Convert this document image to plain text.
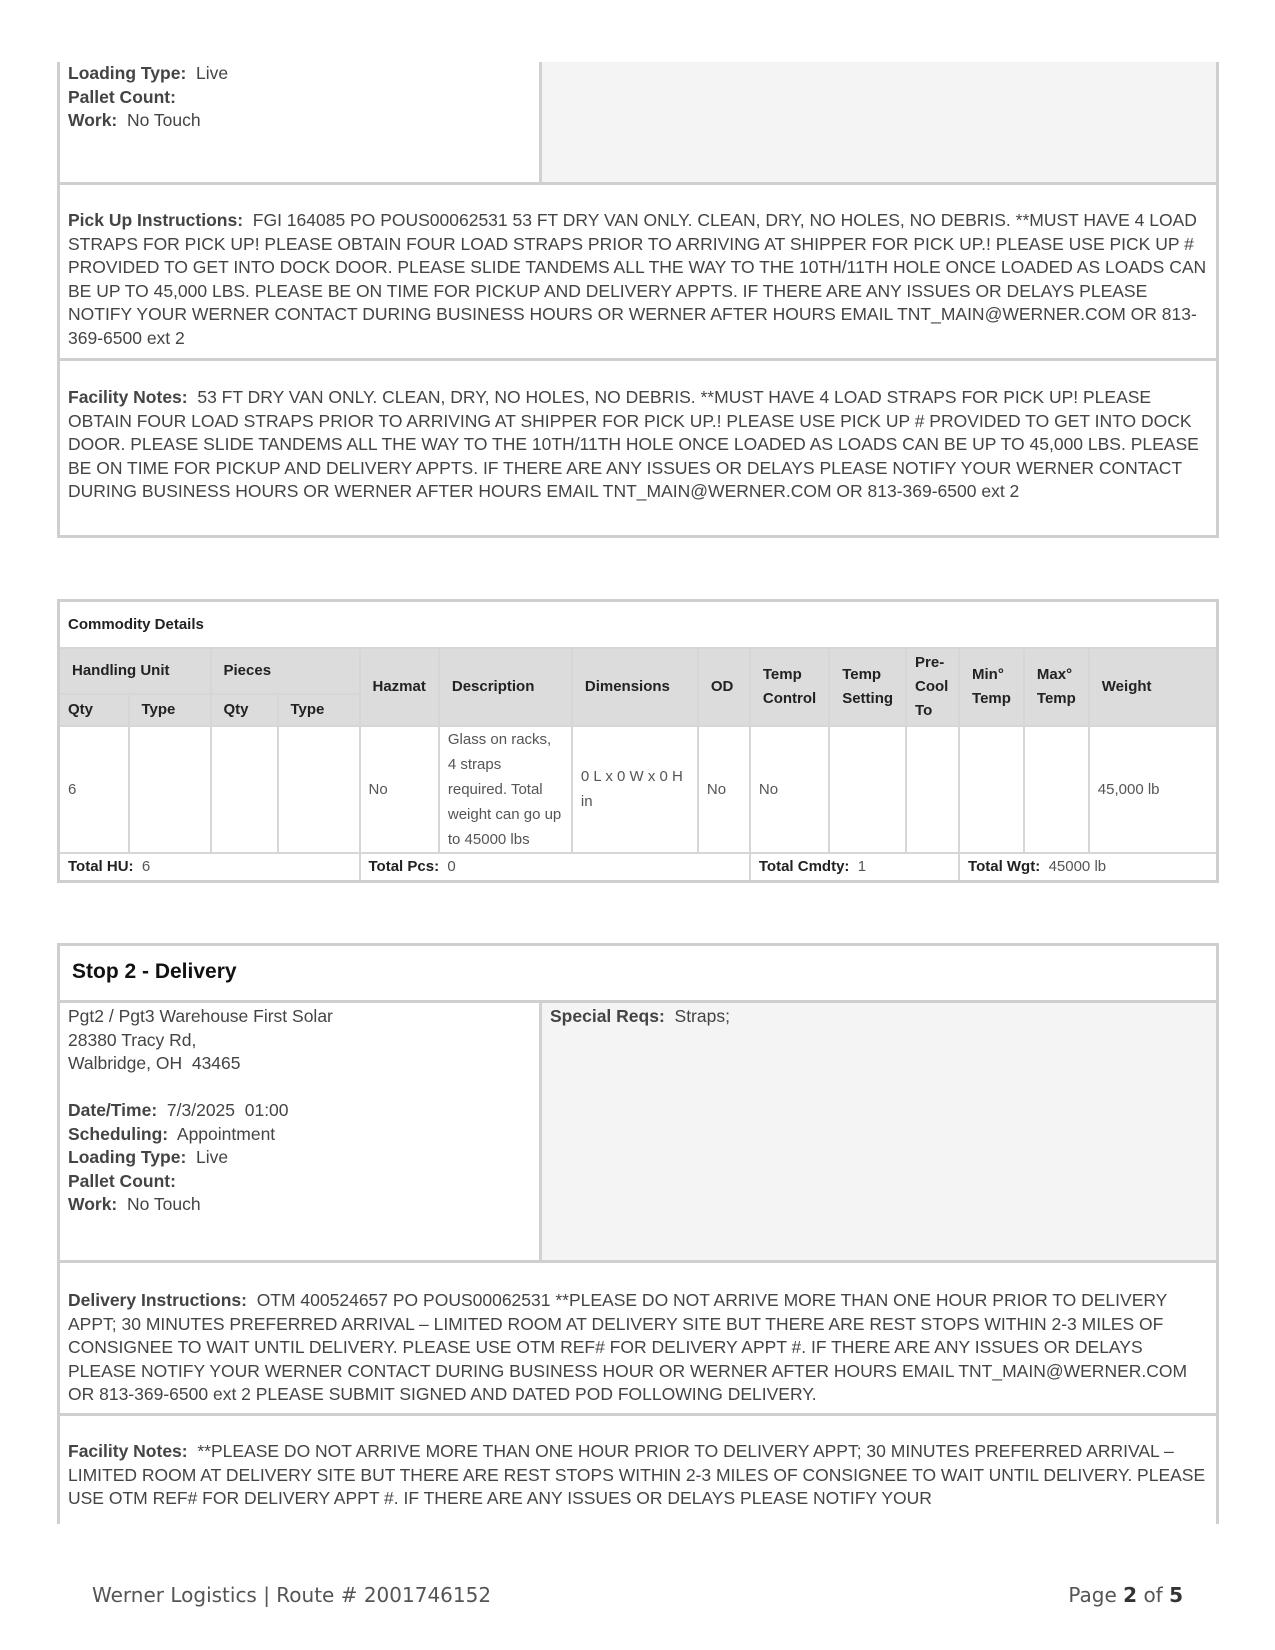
Loading Type: Live
Pallet Count:
Work: No Touch
Pick Up Instructions: FGI 164085 PO POUS00062531 53 FT DRY VAN ONLY. CLEAN, DRY, NO HOLES, NO DEBRIS. **MUST HAVE 4 LOAD STRAPS FOR PICK UP! PLEASE OBTAIN FOUR LOAD STRAPS PRIOR TO ARRIVING AT SHIPPER FOR PICK UP.! PLEASE USE PICK UP # PROVIDED TO GET INTO DOCK DOOR. PLEASE SLIDE TANDEMS ALL THE WAY TO THE 10TH/11TH HOLE ONCE LOADED AS LOADS CAN BE UP TO 45,000 LBS. PLEASE BE ON TIME FOR PICKUP AND DELIVERY APPTS. IF THERE ARE ANY ISSUES OR DELAYS PLEASE NOTIFY YOUR WERNER CONTACT DURING BUSINESS HOURS OR WERNER AFTER HOURS EMAIL TNT_MAIN@WERNER.COM OR 813-369-6500 ext 2
Facility Notes: 53 FT DRY VAN ONLY. CLEAN, DRY, NO HOLES, NO DEBRIS. **MUST HAVE 4 LOAD STRAPS FOR PICK UP! PLEASE OBTAIN FOUR LOAD STRAPS PRIOR TO ARRIVING AT SHIPPER FOR PICK UP.! PLEASE USE PICK UP # PROVIDED TO GET INTO DOCK DOOR. PLEASE SLIDE TANDEMS ALL THE WAY TO THE 10TH/11TH HOLE ONCE LOADED AS LOADS CAN BE UP TO 45,000 LBS. PLEASE BE ON TIME FOR PICKUP AND DELIVERY APPTS. IF THERE ARE ANY ISSUES OR DELAYS PLEASE NOTIFY YOUR WERNER CONTACT DURING BUSINESS HOURS OR WERNER AFTER HOURS EMAIL TNT_MAIN@WERNER.COM OR 813-369-6500 ext 2
Commodity Details													
Handling Unit		Pieces		Hazmat	Description	Dimensions	OD	Temp Control	Temp Setting	Pre-Cool To	Min° Temp	Max° Temp	Weight
Qty	Type	Qty	Type										
6				No	Glass on racks, 4 straps required. Total weight can go up to 45000 lbs	0 L x 0 W x 0 H in	No	No					45,000 lb
Total HU: 6				Total Pcs: 0				Total Cmdty: 1			Total Wgt: 45000 lb		
Stop 2 - Delivery
Pgt2 / Pgt3 Warehouse First Solar
28380 Tracy Rd,
Walbridge, OH  43465
Date/Time: 7/3/2025  01:00
Scheduling: Appointment
Loading Type: Live
Pallet Count:
Work: No Touch
Special Reqs: Straps;
Delivery Instructions: OTM 400524657 PO POUS00062531 **PLEASE DO NOT ARRIVE MORE THAN ONE HOUR PRIOR TO DELIVERY APPT; 30 MINUTES PREFERRED ARRIVAL – LIMITED ROOM AT DELIVERY SITE BUT THERE ARE REST STOPS WITHIN 2-3 MILES OF CONSIGNEE TO WAIT UNTIL DELIVERY. PLEASE USE OTM REF# FOR DELIVERY APPT #. IF THERE ARE ANY ISSUES OR DELAYS PLEASE NOTIFY YOUR WERNER CONTACT DURING BUSINESS HOUR OR WERNER AFTER HOURS EMAIL TNT_MAIN@WERNER.COM OR 813-369-6500 ext 2 PLEASE SUBMIT SIGNED AND DATED POD FOLLOWING DELIVERY.
Facility Notes: **PLEASE DO NOT ARRIVE MORE THAN ONE HOUR PRIOR TO DELIVERY APPT; 30 MINUTES PREFERRED ARRIVAL – LIMITED ROOM AT DELIVERY SITE BUT THERE ARE REST STOPS WITHIN 2-3 MILES OF CONSIGNEE TO WAIT UNTIL DELIVERY. PLEASE USE OTM REF# FOR DELIVERY APPT #. IF THERE ARE ANY ISSUES OR DELAYS PLEASE NOTIFY YOUR
Werner Logistics | Route # 2001746152	Page 2 of 5
